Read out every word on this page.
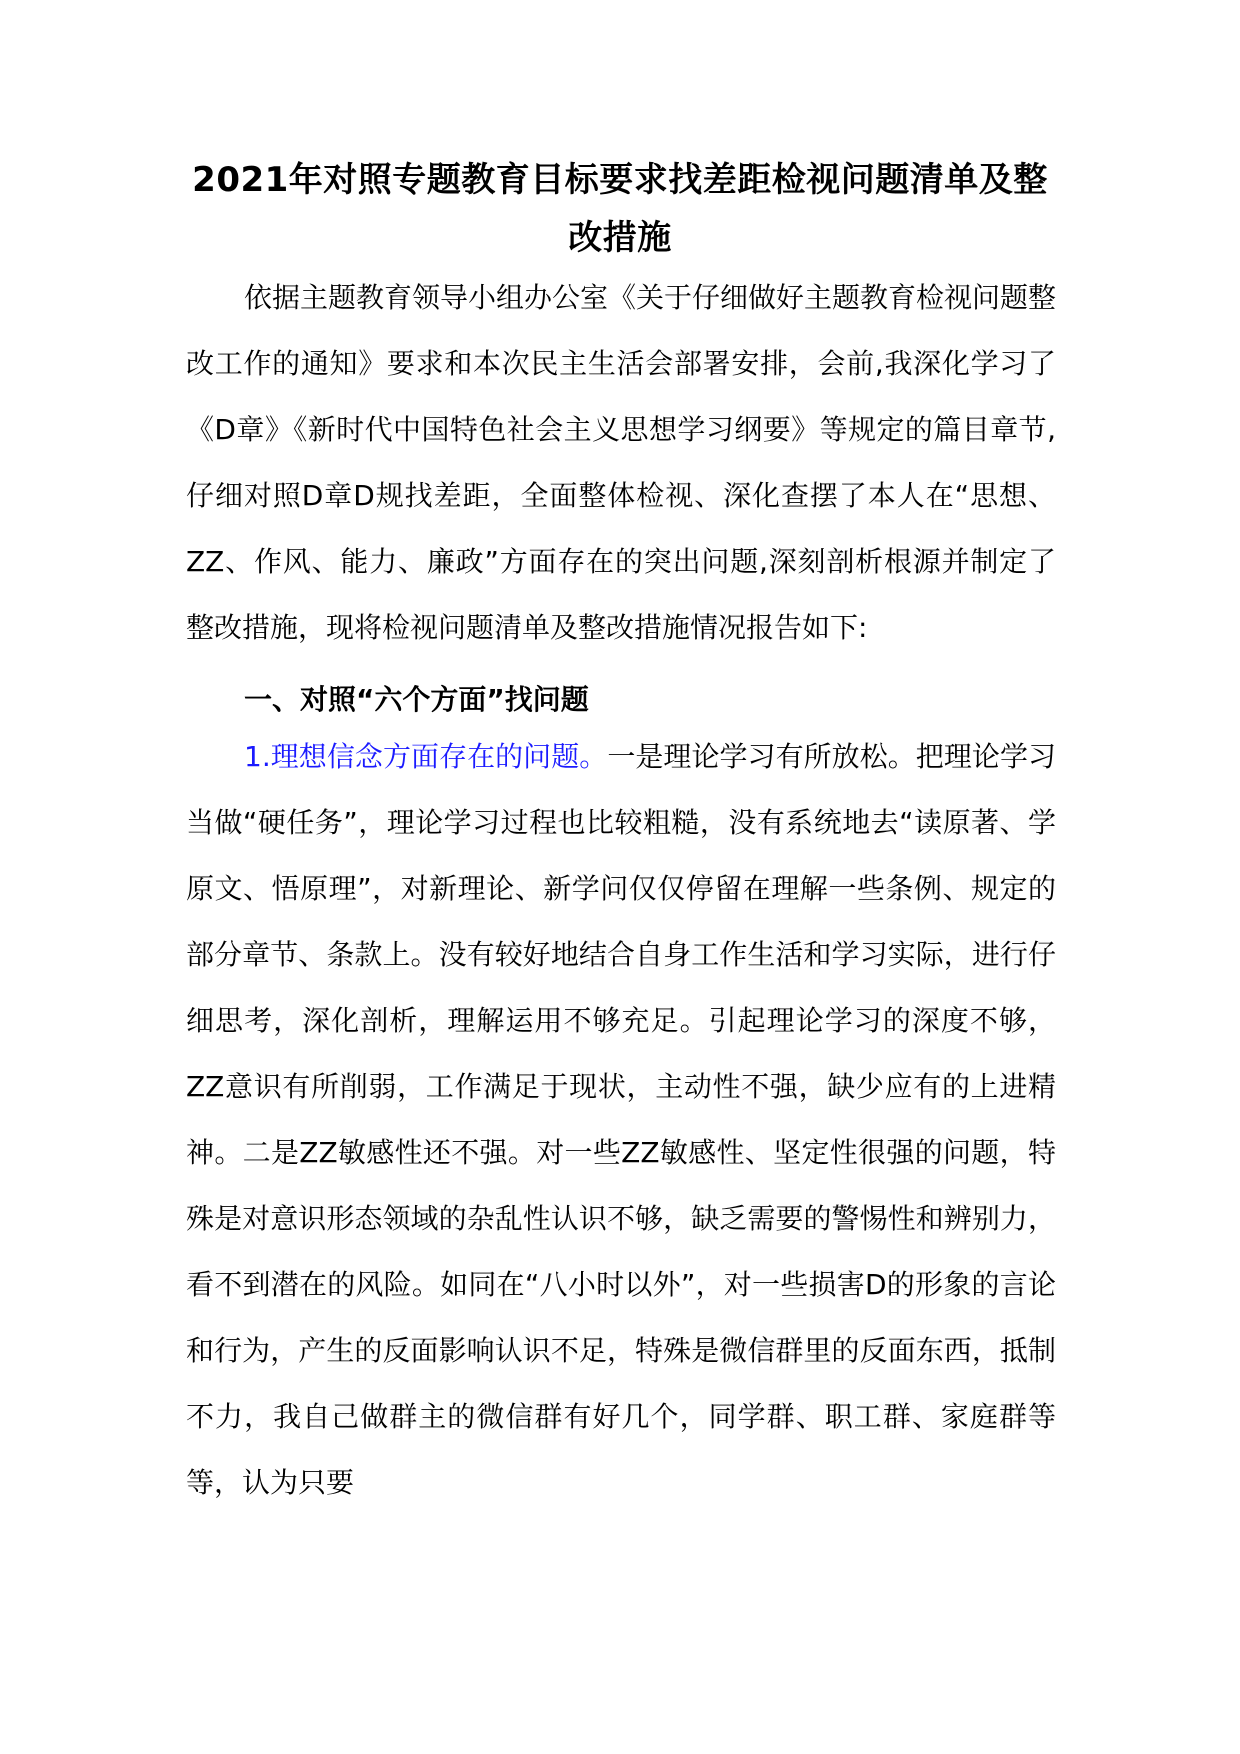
2021年对照专题教育目标要求找差距检视问题清单及整
改措施

依据主题教育领导小组办公室《关于仔细做好主题教育检视问题整改工作的通知》要求和本次民主生活会部署安排，会前,我深化学习了《D章》《新时代中国特色社会主义思想学习纲要》等规定的篇目章节,仔细对照D章D规找差距，全面整体检视、深化查摆了本人在“思想、ZZ、作风、能力、廉政”方面存在的突出问题,深刻剖析根源并制定了整改措施，现将检视问题清单及整改措施情况报告如下:

一、对照“六个方面”找问题

1.理想信念方面存在的问题。一是理论学习有所放松。把理论学习当做“硬任务”，理论学习过程也比较粗糙，没有系统地去“读原著、学原文、悟原理”，对新理论、新学问仅仅停留在理解一些条例、规定的部分章节、条款上。没有较好地结合自身工作生活和学习实际，进行仔细思考，深化剖析，理解运用不够充足。引起理论学习的深度不够，ZZ意识有所削弱，工作满足于现状，主动性不强，缺少应有的上进精神。二是ZZ敏感性还不强。对一些ZZ敏感性、坚定性很强的问题，特殊是对意识形态领域的杂乱性认识不够，缺乏需要的警惕性和辨别力，看不到潜在的风险。如同在“八小时以外”，对一些损害D的形象的言论和行为，产生的反面影响认识不足，特殊是微信群里的反面东西，抵制不力，我自己做群主的微信群有好几个，同学群、职工群、家庭群等等，认为只要
